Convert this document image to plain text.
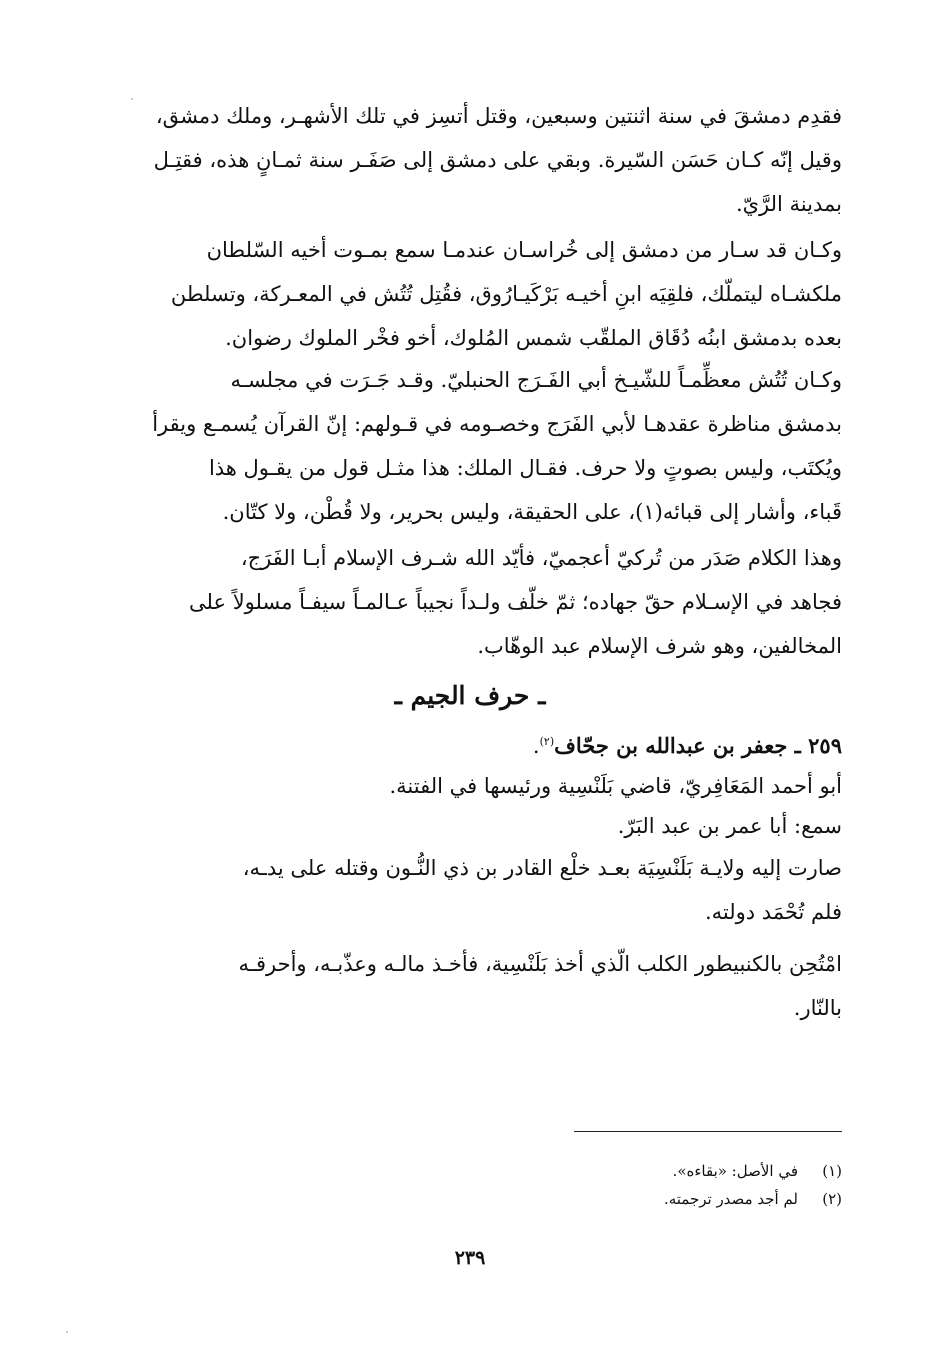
فقدِم دمشقَ في سنة اثنتين وسبعين، وقتل أتسِز في تلك الأشهـر، وملك دمشق،
وقيل إنّه كـان حَسَن السّيرة. وبقي على دمشق إلى صَفَـر سنة ثمـانٍ هذه، فقتِـل
بمدينة الرَّيّ.
وكـان قد سـار من دمشق إلى خُراسـان عندمـا سمع بمـوت أخيه السّلطان
ملكشـاه ليتملّك، فلقِيَه ابنِ أخيـه بَرْكَيـارُوق، فقُتِل تُتُش في المعـركة، وتسلطن
بعده بدمشق ابنُه دُقَاق الملقّب شمس المُلوك، أخو فخْر الملوك رضوان.
وكـان تُتُش معظِّمـاً للشّيـخ أبي الفَـرَج الحنبليّ. وقـد جَـرَت في مجلسـه
بدمشق مناظرة عقدهـا لأبي الفَرَج وخصـومه في قـولهم: إنّ القرآن يُسمـع ويقرأ
ويُكتَب، وليس بصوتٍ ولا حرف. فقـال الملك: هذا مثـل قول من يقـول هذا
قَباء، وأشار إلى قبائه(١)، على الحقيقة، وليس بحرير، ولا قُطْن، ولا كتّان.
وهذا الكلام صَدَر من تُركيّ أعجميّ، فأيّد الله شـرف الإسلام أبـا الفَرَج،
فجاهد في الإسـلام حقّ جهاده؛ ثمّ خلّف ولـداً نجيباً عـالمـاً سيفـاً مسلولاً على
المخالفين، وهو شرف الإسلام عبد الوهّاب.
ـ حرف الجيم ـ
٢٥٩ ـ جعفر بن عبدالله بن جحّاف$^{(٢)}$.
أبو أحمد المَعَافِريّ، قاضي بَلَنْسِية ورئيسها في الفتنة.
سمع: أبا عمر بن عبد البَرّ.
صارت إليه ولايـة بَلَنْسِيَة بعـد خلْع القادر بن ذي النُّـون وقتله على يدـه،
فلم تُحْمَد دولته.
امْتُحِن بالكنبيطور الكلب الّذي أخذ بَلَنْسِية، فأخـذ مالـه وعذّبـه، وأحرقـه
بالنّار.
(١)في الأصل: «بقاءه».
(٢)لم أجد مصدر ترجمته.
٢٣٩
